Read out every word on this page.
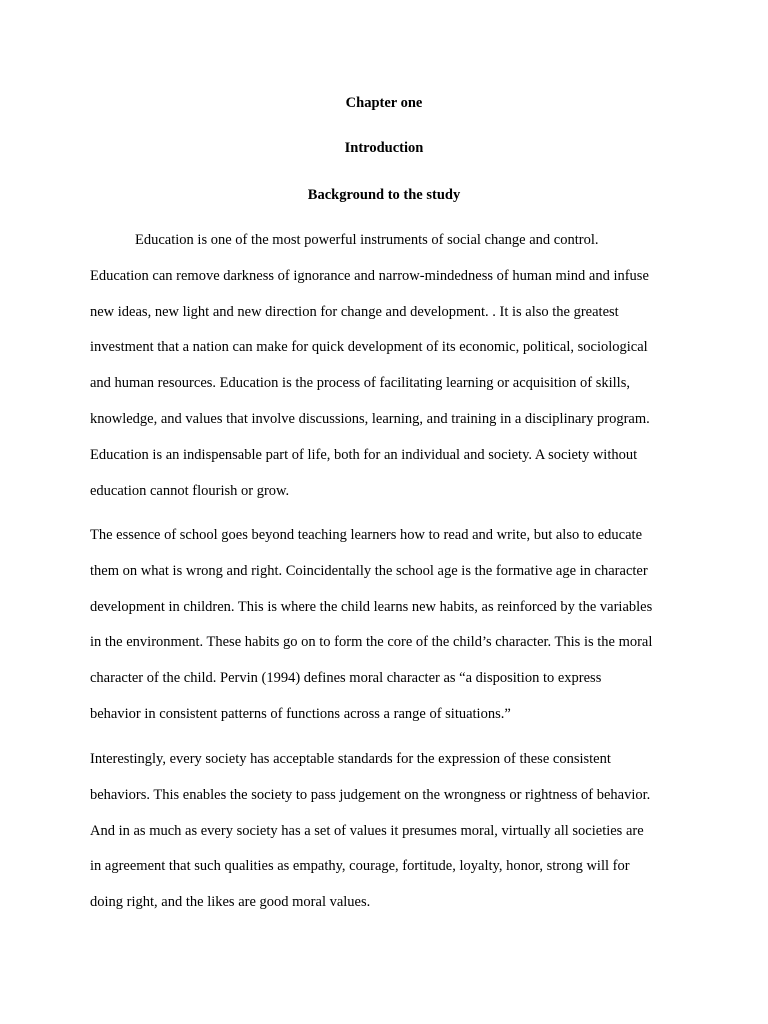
Chapter one
Introduction
Background to the study
Education is one of the most powerful instruments of social change and control.
Education can remove darkness of ignorance and narrow-mindedness of human mind and infuse
new ideas, new light and new direction for change and development. . It is also the greatest
investment that a nation can make for quick development of its economic, political, sociological
and human resources. Education is the process of facilitating learning or acquisition of skills,
knowledge, and values that involve discussions, learning, and training in a disciplinary program.
Education is an indispensable part of life, both for an individual and society. A society without
education cannot flourish or grow.
The essence of school goes beyond teaching learners how to read and write, but also to educate
them on what is wrong and right. Coincidentally the school age is the formative age in character
development in children. This is where the child learns new habits, as reinforced by the variables
in the environment. These habits go on to form the core of the child’s character. This is the moral
character of the child. Pervin (1994) defines moral character as “a disposition to express
behavior in consistent patterns of functions across a range of situations.”
Interestingly, every society has acceptable standards for the expression of these consistent
behaviors. This enables the society to pass judgement on the wrongness or rightness of behavior.
And in as much as every society has a set of values it presumes moral, virtually all societies are
in agreement that such qualities as empathy, courage, fortitude, loyalty, honor, strong will for
doing right, and the likes are good moral values.
